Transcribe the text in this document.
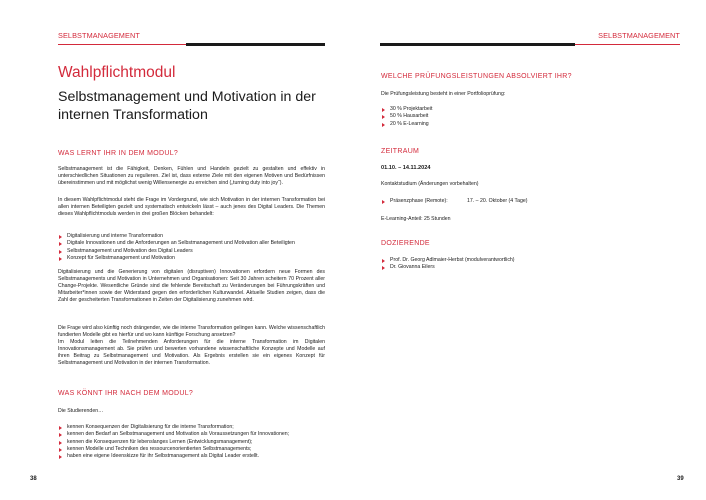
SELBSTMANAGEMENT
Wahlpflichtmodul
Selbstmanagement und Motivation in der
internen Transformation
WAS LERNT IHR IN DEM MODUL?
Selbstmanagement ist die Fähigkeit, Denken, Fühlen und Handeln gezielt zu gestalten und effektiv in unterschiedlichen Situationen zu regulieren. Ziel ist, dass externe Ziele mit den eigenen Motiven und Bedürfnissen übereinstimmen und mit möglichst wenig Willensenergie zu erreichen sind („turning duty into joy“).
In diesem Wahlpflichtmodul steht die Frage im Vordergrund, wie sich Motivation in der internen Transformation bei allen internen Beteiligten gezielt und systematisch entwickeln lässt – auch jenes des Digital Leaders. Die Themen dieses Wahlpflichtmoduls werden in drei großen Blöcken behandelt:
Digitalisierung und interne Transformation
Digitale Innovationen und die Anforderungen an Selbstmanagement und Motivation aller Beteiligten
Selbstmanagement und Motivation des Digital Leaders
Konzept für Selbstmanagement und Motivation
Digitalisierung und die Generierung von digitalen (disruptiven) Innovationen erfordern neue Formen des Selbstmanagements und Motivation in Unternehmen und Organisationen: Seit 30 Jahren scheitern 70 Prozent aller Change-Projekte. Wesentliche Gründe sind die fehlende Bereitschaft zu Veränderungen bei Führungskräften und Mitarbeiter*innen sowie der Widerstand gegen den erforderlichen Kulturwandel. Aktuelle Studien zeigen, dass die Zahl der gescheiterten Transformationen in Zeiten der Digitalisierung zunehmen wird.
Die Frage wird also künftig noch drängender, wie die interne Transformation gelingen kann. Welche wissenschaftlich fundierten Modelle gibt es hierfür und wo kann künftige Forschung ansetzen?
Im Modul leiten die Teilnehmenden Anforderungen für die interne Transformation im Digitalen Innovationsmanagement ab. Sie prüfen und bewerten vorhandene wissenschaftliche Konzepte und Modelle auf ihren Beitrag zu Selbstmanagement und Motivation. Als Ergebnis erstellen sie ein eigenes Konzept für Selbstmanagement und Motivation in der internen Transformation.
WAS KÖNNT IHR NACH DEM MODUL?
Die Studierenden…
kennen Konsequenzen der Digitalisierung für die interne Transformation;
kennen den Bedarf an Selbstmanagement und Motivation als Voraussetzungen für Innovationen;
kennen die Konsequenzen für lebenslanges Lernen (Entwicklungsmanagement);
kennen Modelle und Techniken des ressourcenorientierten Selbstmanagements;
haben eine eigene Ideenskizze für ihr Selbstmanagement als Digital Leader erstellt.
38
SELBSTMANAGEMENT
WELCHE PRÜFUNGSLEISTUNGEN ABSOLVIERT IHR?
Die Prüfungsleistung besteht in einer Portfolioprüfung:
30 % Projektarbeit
50 % Hausarbeit
20 % E-Learning
ZEITRAUM
01.10. – 14.11.2024
Kontaktstudium (Änderungen vorbehalten)
Präsenzphase (Remote):	17. – 20. Oktober (4 Tage)
E-Learning-Anteil: 25 Stunden
DOZIERENDE
Prof. Dr. Georg Adlmaier-Herbst (modulverantwortlich)
Dr. Giovanna Eilers
39
